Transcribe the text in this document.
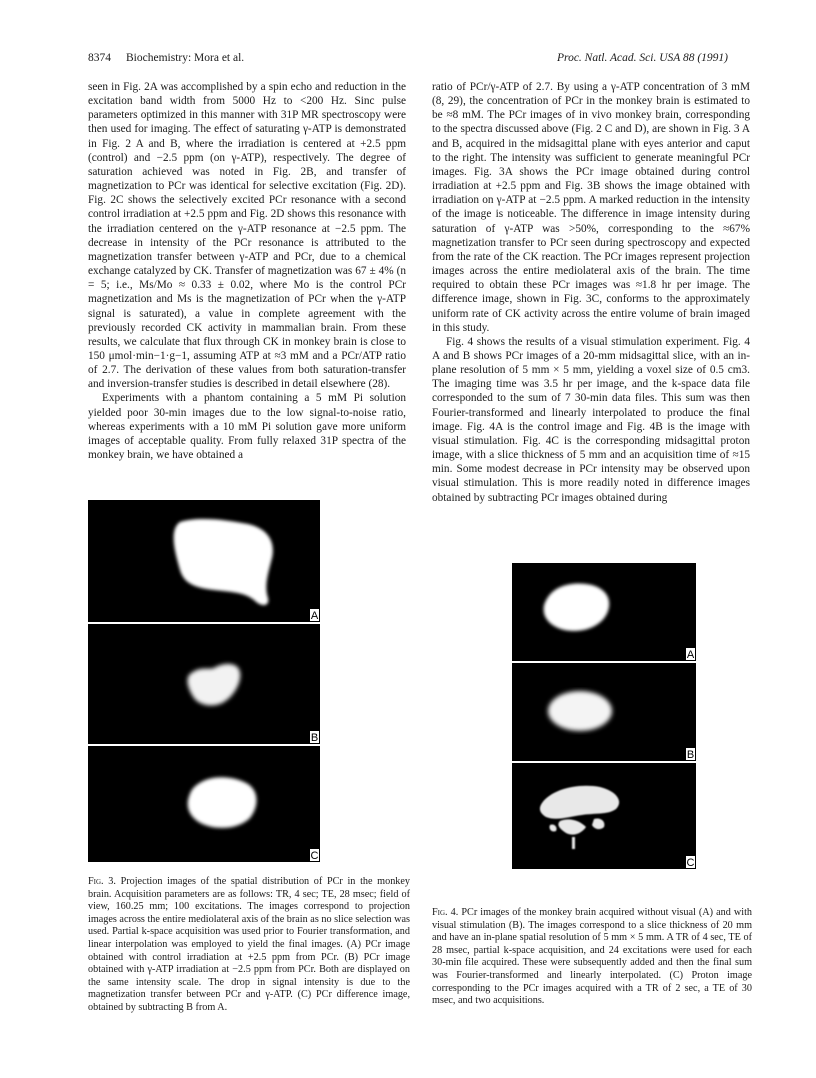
8374 Biochemistry: Mora et al.	Proc. Natl. Acad. Sci. USA 88 (1991)

seen in Fig. 2A was accomplished by a spin echo and reduction in the excitation band width from 5000 Hz to <200 Hz. Sinc pulse parameters optimized in this manner with 31P MR spectroscopy were then used for imaging. The effect of saturating γ-ATP is demonstrated in Fig. 2 A and B, where the irradiation is centered at +2.5 ppm (control) and −2.5 ppm (on γ-ATP), respectively. The degree of saturation achieved was noted in Fig. 2B, and transfer of magnetization to PCr was identical for selective excitation (Fig. 2D). Fig. 2C shows the selectively excited PCr resonance with a second control irradiation at +2.5 ppm and Fig. 2D shows this resonance with the irradiation centered on the γ-ATP resonance at −2.5 ppm. The decrease in intensity of the PCr resonance is attributed to the magnetization transfer between γ-ATP and PCr, due to a chemical exchange catalyzed by CK. Transfer of magnetization was 67 ± 4% (n = 5; i.e., Ms/Mo ≈ 0.33 ± 0.02, where Mo is the control PCr magnetization and Ms is the magnetization of PCr when the γ-ATP signal is saturated), a value in complete agreement with the previously recorded CK activity in mammalian brain. From these results, we calculate that flux through CK in monkey brain is close to 150 μmol·min−1·g−1, assuming ATP at ≈3 mM and a PCr/ATP ratio of 2.7. The derivation of these values from both saturation-transfer and inversion-transfer studies is described in detail elsewhere (28).

Experiments with a phantom containing a 5 mM Pi solution yielded poor 30-min images due to the low signal-to-noise ratio, whereas experiments with a 10 mM Pi solution gave more uniform images of acceptable quality. From fully relaxed 31P spectra of the monkey brain, we have obtained a

ratio of PCr/γ-ATP of 2.7. By using a γ-ATP concentration of 3 mM (8, 29), the concentration of PCr in the monkey brain is estimated to be ≈8 mM. The PCr images of in vivo monkey brain, corresponding to the spectra discussed above (Fig. 2 C and D), are shown in Fig. 3 A and B, acquired in the midsagittal plane with eyes anterior and caput to the right. The intensity was sufficient to generate meaningful PCr images. Fig. 3A shows the PCr image obtained during control irradiation at +2.5 ppm and Fig. 3B shows the image obtained with irradiation on γ-ATP at −2.5 ppm. A marked reduction in the intensity of the image is noticeable. The difference in image intensity during saturation of γ-ATP was >50%, corresponding to the ≈67% magnetization transfer to PCr seen during spectroscopy and expected from the rate of the CK reaction. The PCr images represent projection images across the entire mediolateral axis of the brain. The time required to obtain these PCr images was ≈1.8 hr per image. The difference image, shown in Fig. 3C, conforms to the approximately uniform rate of CK activity across the entire volume of brain imaged in this study.

Fig. 4 shows the results of a visual stimulation experiment. Fig. 4 A and B shows PCr images of a 20-mm midsagittal slice, with an in-plane resolution of 5 mm × 5 mm, yielding a voxel size of 0.5 cm3. The imaging time was 3.5 hr per image, and the k-space data file corresponded to the sum of 7 30-min data files. This sum was then Fourier-transformed and linearly interpolated to produce the final image. Fig. 4A is the control image and Fig. 4B is the image with visual stimulation. Fig. 4C is the corresponding midsagittal proton image, with a slice thickness of 5 mm and an acquisition time of ≈15 min. Some modest decrease in PCr intensity may be observed upon visual stimulation. This is more readily noted in difference images obtained by subtracting PCr images obtained during

A
B
C
A
B
C
Fig. 3. Projection images of the spatial distribution of PCr in the monkey brain. Acquisition parameters are as follows: TR, 4 sec; TE, 28 msec; field of view, 160.25 mm; 100 excitations. The images correspond to projection images across the entire mediolateral axis of the brain as no slice selection was used. Partial k-space acquisition was used prior to Fourier transformation, and linear interpolation was employed to yield the final images. (A) PCr image obtained with control irradiation at +2.5 ppm from PCr. (B) PCr image obtained with γ-ATP irradiation at −2.5 ppm from PCr. Both are displayed on the same intensity scale. The drop in signal intensity is due to the magnetization transfer between PCr and γ-ATP. (C) PCr difference image, obtained by subtracting B from A.
Fig. 4. PCr images of the monkey brain acquired without visual (A) and with visual stimulation (B). The images correspond to a slice thickness of 20 mm and have an in-plane spatial resolution of 5 mm × 5 mm. A TR of 4 sec, TE of 28 msec, partial k-space acquisition, and 24 excitations were used for each 30-min file acquired. These were subsequently added and then the final sum was Fourier-transformed and linearly interpolated. (C) Proton image corresponding to the PCr images acquired with a TR of 2 sec, a TE of 30 msec, and two acquisitions.
